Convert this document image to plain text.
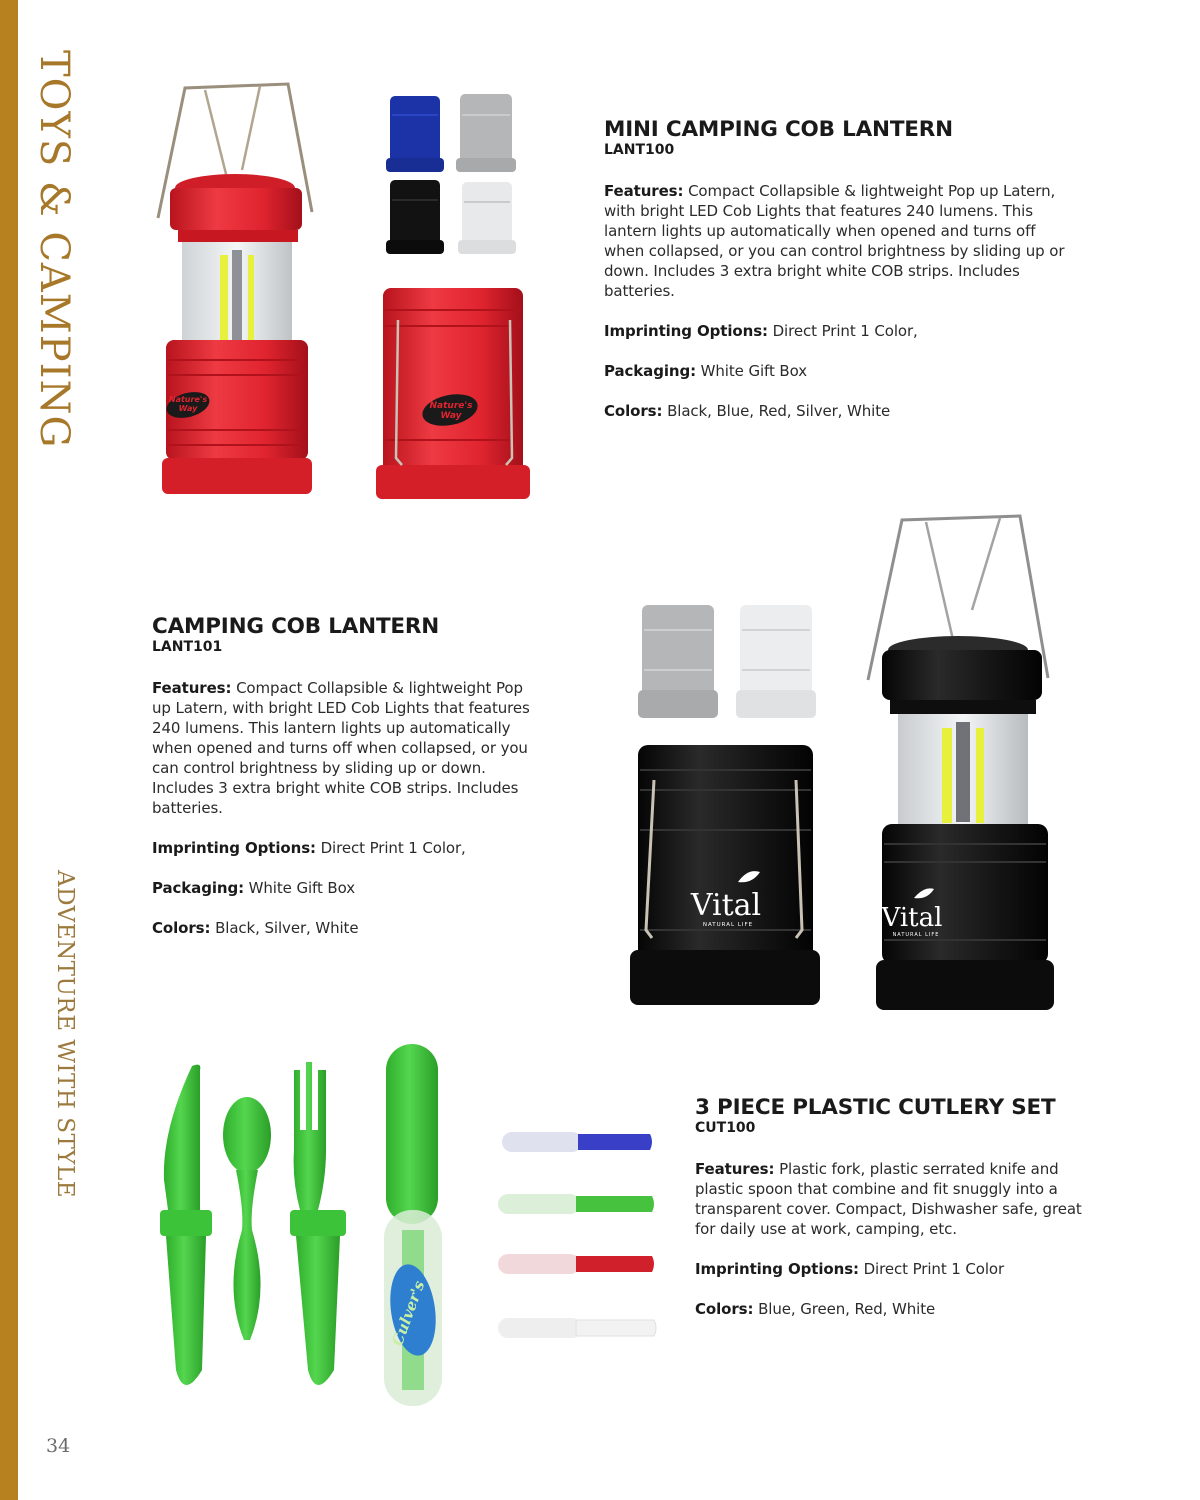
TOYS & CAMPING
ADVENTURE WITH STYLE
34
Nature's
Way	Nature's
Way
MINI CAMPING COB LANTERN
LANT100

Features: Compact Collapsible & lightweight Pop up Latern, with bright LED Cob Lights that features 240 lumens. This lantern lights up automatically when opened and turns off when collapsed, or you can control brightness by sliding up or down. Includes 3 extra bright white COB strips. Includes batteries.

Imprinting Options: Direct Print 1 Color,

Packaging: White Gift Box

Colors: Black, Blue, Red, Silver, White

CAMPING COB LANTERN
LANT101

Features: Compact Collapsible & lightweight Pop up Latern, with bright LED Cob Lights that features 240 lumens. This lantern lights up automatically when opened and turns off when collapsed, or you can control brightness by sliding up or down. Includes 3 extra bright white COB strips. Includes batteries.

Imprinting Options: Direct Print 1 Color,

Packaging: White Gift Box

Colors: Black, Silver, White

Vital
NATURAL LIFE	Vital
NATURAL LIFE
Culver's
3 PIECE PLASTIC CUTLERY SET
CUT100

Features: Plastic fork, plastic serrated knife and plastic spoon that combine and fit snuggly into a transparent cover. Compact, Dishwasher safe, great for daily use at work, camping, etc.

Imprinting Options: Direct Print 1 Color

Colors: Blue, Green, Red, White
